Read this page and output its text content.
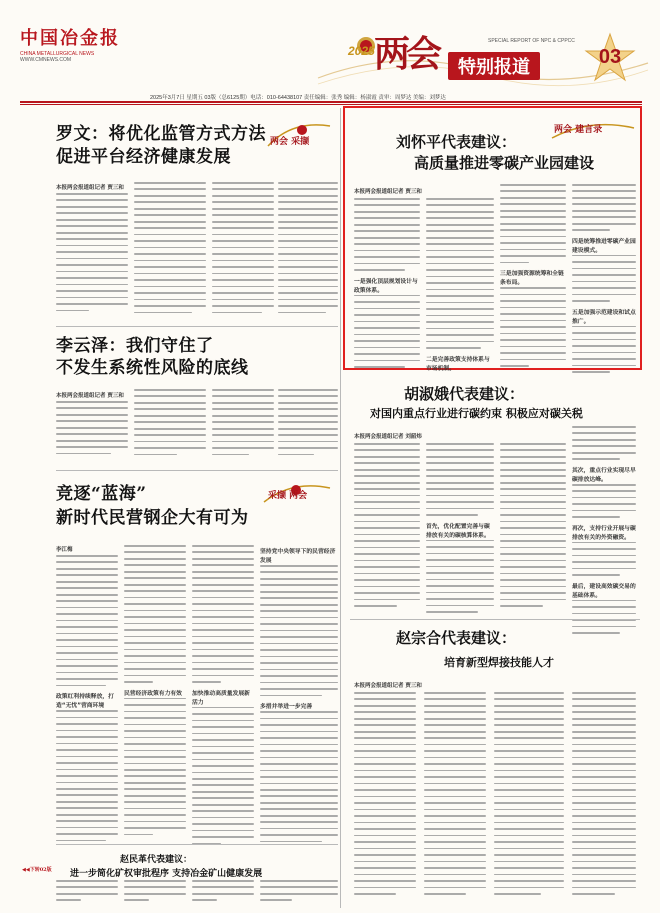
中国冶金报
CHINA METALLURGICAL NEWS
WWW.CMNEWS.COM
2025 两会	SPECIAL REPORT OF NPC & CPPCC
特别报道	03
2025年3月7日 星期五 03版（总6125期）电话：010-64438107 责任编辑：张秀 编辑：杨淑霞 责审：周梦达 美编：刘梦达
罗文：将优化监管方式方法
促进平台经济健康发展
两会 采撷
本报两会报道组记者 贾三和
李云泽：我们守住了
不发生系统性风险的底线
本报两会报道组记者 贾三和
竞逐“蓝海”
新时代民营钢企大有可为
采撷 两会
李江梅
政策红利持续释放，打造“无忧”营商环境
民营经济政策有力有效	加快推动高质量发展新活力
坚持党中央领导下的民营经济发展
多措并举进一步完善
赵民革代表建议：
进一步简化矿权审批程序 支持冶金矿山健康发展
◀◀下转02版
两会 建言录
刘怀平代表建议：
高质量推进零碳产业园建设
本报两会报道组记者 贾三和
一是强化顶层规划设计与政策体系。
二是完善政策支持体系与市场机制。
三是加强资源统筹和全链条布局。
四是统筹推进零碳产业园建设模式。
五是加强示范建设和试点推广。
胡淑娥代表建议：
对国内重点行业进行碳约束 积极应对碳关税
本报两会报道组记者 刘韶炜
首先，优化配置完善与碳排放有关的碳核算体系。
其次，重点行业实现尽早碳排放达峰。
再次，支持行业开展与碳排放有关的外资融资。
最后，建设高效碳交易的基础体系。
赵宗合代表建议：
培育新型焊接技能人才
本报两会报道组记者 贾三和
